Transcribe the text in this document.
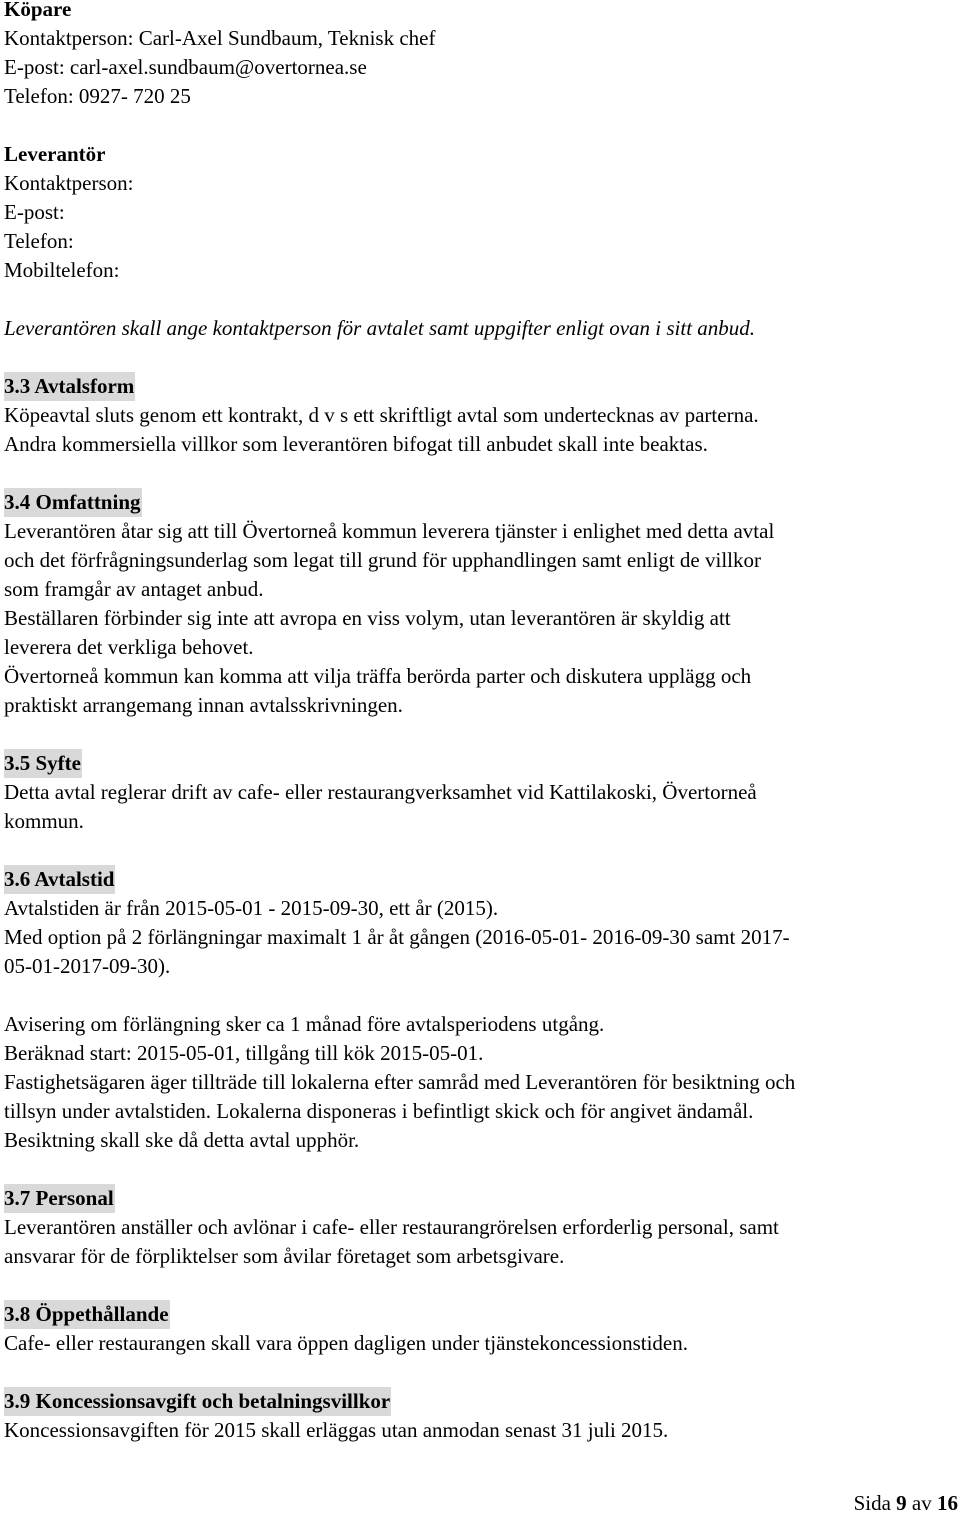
Köpare
Kontaktperson: Carl-Axel Sundbaum, Teknisk chef
E-post: carl-axel.sundbaum@overtornea.se
Telefon: 0927- 720 25
Leverantör
Kontaktperson:
E-post:
Telefon:
Mobiltelefon:
Leverantören skall ange kontaktperson för avtalet samt uppgifter enligt ovan i sitt anbud.
3.3 Avtalsform
Köpeavtal sluts genom ett kontrakt, d v s ett skriftligt avtal som undertecknas av parterna.
Andra kommersiella villkor som leverantören bifogat till anbudet skall inte beaktas.
3.4 Omfattning
Leverantören åtar sig att till Övertorneå kommun leverera tjänster i enlighet med detta avtal
och det förfrågningsunderlag som legat till grund för upphandlingen samt enligt de villkor
som framgår av antaget anbud.
Beställaren förbinder sig inte att avropa en viss volym, utan leverantören är skyldig att
leverera det verkliga behovet.
Övertorneå kommun kan komma att vilja träffa berörda parter och diskutera upplägg och
praktiskt arrangemang innan avtalsskrivningen.
3.5 Syfte
Detta avtal reglerar drift av cafe- eller restaurangverksamhet vid Kattilakoski, Övertorneå
kommun.
3.6 Avtalstid
Avtalstiden är från 2015-05-01 - 2015-09-30, ett år (2015).
Med option på 2 förlängningar maximalt 1 år åt gången (2016-05-01- 2016-09-30 samt 2017-
05-01-2017-09-30).
Avisering om förlängning sker ca 1 månad före avtalsperiodens utgång.
Beräknad start: 2015-05-01, tillgång till kök 2015-05-01.
Fastighetsägaren äger tillträde till lokalerna efter samråd med Leverantören för besiktning och
tillsyn under avtalstiden. Lokalerna disponeras i befintligt skick och för angivet ändamål.
Besiktning skall ske då detta avtal upphör.
3.7 Personal
Leverantören anställer och avlönar i cafe- eller restaurangrörelsen erforderlig personal, samt
ansvarar för de förpliktelser som åvilar företaget som arbetsgivare.
3.8 Öppethållande
Cafe- eller restaurangen skall vara öppen dagligen under tjänstekoncessionstiden.
3.9 Koncessionsavgift och betalningsvillkor
Koncessionsavgiften för 2015 skall erläggas utan anmodan senast 31 juli 2015.
Sida 9 av 16
